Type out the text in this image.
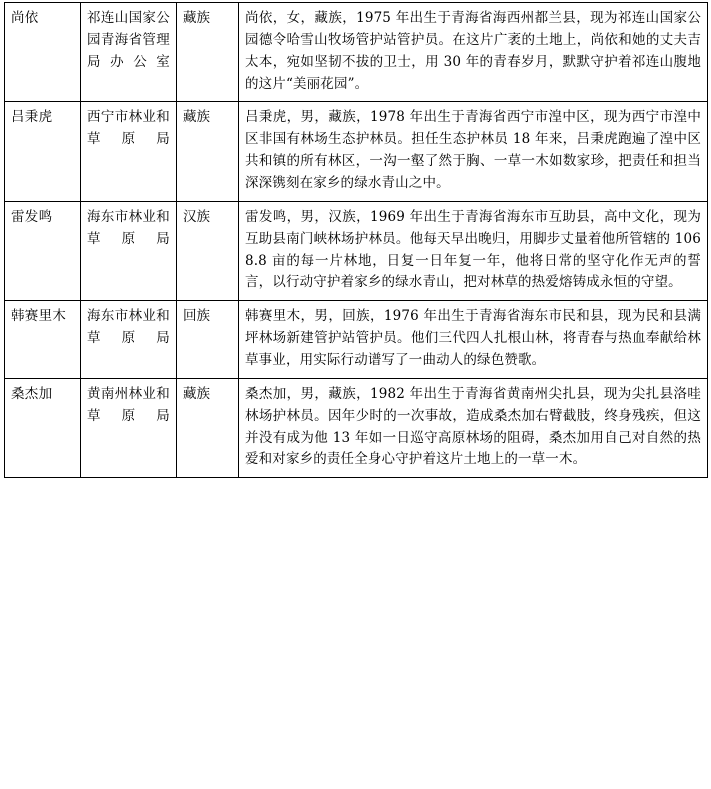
尚依	祁连山国家公园青海省管理局办公室	藏族	尚依，女，藏族，1975 年出生于青海省海西州都兰县，现为祁连山国家公园德令哈雪山牧场管护站管护员。在这片广袤的土地上，尚依和她的丈夫吉太本，宛如坚韧不拔的卫士，用 30 年的青春岁月，默默守护着祁连山腹地的这片“美丽花园”。
吕秉虎	西宁市林业和草原局	藏族	吕秉虎，男，藏族，1978 年出生于青海省西宁市湟中区，现为西宁市湟中区非国有林场生态护林员。担任生态护林员 18 年来，吕秉虎跑遍了湟中区共和镇的所有林区，一沟一壑了然于胸、一草一木如数家珍，把责任和担当深深镌刻在家乡的绿水青山之中。
雷发鸣	海东市林业和草原局	汉族	雷发鸣，男，汉族，1969 年出生于青海省海东市互助县，高中文化，现为互助县南门峡林场护林员。他每天早出晚归，用脚步丈量着他所管辖的 1068.8 亩的每一片林地，日复一日年复一年，他将日常的坚守化作无声的誓言，以行动守护着家乡的绿水青山，把对林草的热爱熔铸成永恒的守望。
韩赛里木	海东市林业和草原局	回族	韩赛里木，男，回族，1976 年出生于青海省海东市民和县，现为民和县满坪林场新建管护站管护员。他们三代四人扎根山林，将青春与热血奉献给林草事业，用实际行动谱写了一曲动人的绿色赞歌。
桑杰加	黄南州林业和草原局	藏族	桑杰加，男，藏族，1982 年出生于青海省黄南州尖扎县，现为尖扎县洛哇林场护林员。因年少时的一次事故，造成桑杰加右臂截肢，终身残疾，但这并没有成为他 13 年如一日巡守高原林场的阻碍，桑杰加用自己对自然的热爱和对家乡的责任全身心守护着这片土地上的一草一木。
